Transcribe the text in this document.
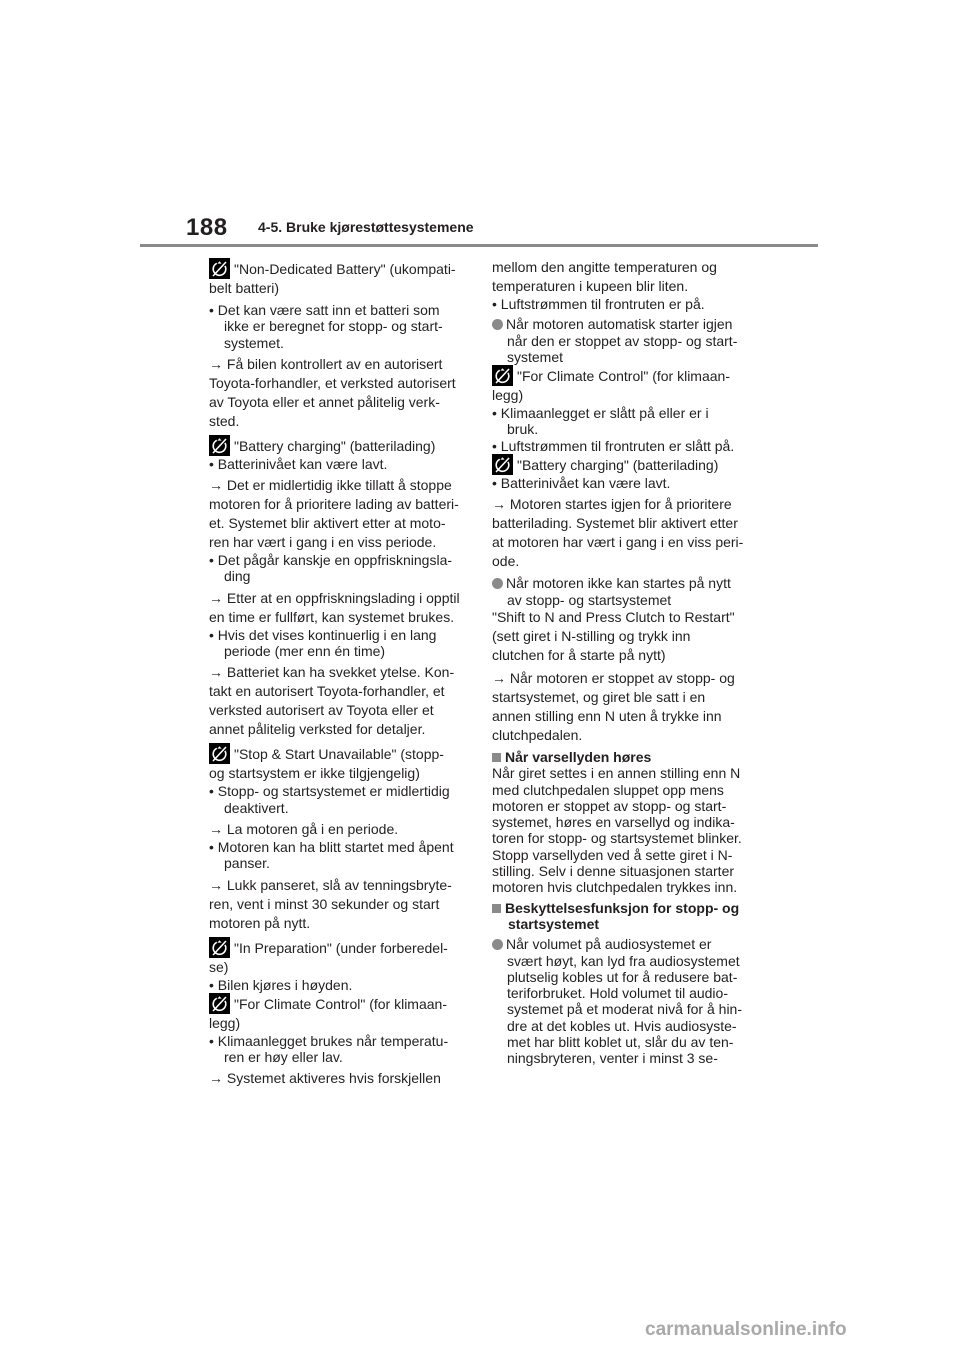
188 4-5. Bruke kjørestøttesystemene
"Non-Dedicated Battery" (ukompati-
belt batteri)
• Det kan være satt inn et batteri som
ikke er beregnet for stopp- og start-
systemet.
→ Få bilen kontrollert av en autorisert
Toyota-forhandler, et verksted autorisert
av Toyota eller et annet pålitelig verk-
sted.
"Battery charging" (batterilading)
• Batterinivået kan være lavt.
→ Det er midlertidig ikke tillatt å stoppe
motoren for å prioritere lading av batteri-
et. Systemet blir aktivert etter at moto-
ren har vært i gang i en viss periode.
• Det pågår kanskje en oppfriskningsla-
ding
→ Etter at en oppfriskningslading i opptil
en time er fullført, kan systemet brukes.
• Hvis det vises kontinuerlig i en lang
periode (mer enn én time)
→ Batteriet kan ha svekket ytelse. Kon-
takt en autorisert Toyota-forhandler, et
verksted autorisert av Toyota eller et
annet pålitelig verksted for detaljer.
"Stop & Start Unavailable" (stopp-
og startsystem er ikke tilgjengelig)
• Stopp- og startsystemet er midlertidig
deaktivert.
→ La motoren gå i en periode.
• Motoren kan ha blitt startet med åpent
panser.
→ Lukk panseret, slå av tenningsbryte-
ren, vent i minst 30 sekunder og start
motoren på nytt.
"In Preparation" (under forberedel-
se)
• Bilen kjøres i høyden.
"For Climate Control" (for klimaan-
legg)
• Klimaanlegget brukes når temperatu-
ren er høy eller lav.
→ Systemet aktiveres hvis forskjellen
mellom den angitte temperaturen og
temperaturen i kupeen blir liten.
• Luftstrømmen til frontruten er på.
Når motoren automatisk starter igjen
når den er stoppet av stopp- og start-
systemet
"For Climate Control" (for klimaan-
legg)
• Klimaanlegget er slått på eller er i
bruk.
• Luftstrømmen til frontruten er slått på.
"Battery charging" (batterilading)
• Batterinivået kan være lavt.
→ Motoren startes igjen for å prioritere
batterilading. Systemet blir aktivert etter
at motoren har vært i gang i en viss peri-
ode.
Når motoren ikke kan startes på nytt
av stopp- og startsystemet
"Shift to N and Press Clutch to Restart"
(sett giret i N-stilling og trykk inn
clutchen for å starte på nytt)
→ Når motoren er stoppet av stopp- og
startsystemet, og giret ble satt i en
annen stilling enn N uten å trykke inn
clutchpedalen.
Når varsellyden høres
Når giret settes i en annen stilling enn N
med clutchpedalen sluppet opp mens
motoren er stoppet av stopp- og start-
systemet, høres en varsellyd og indika-
toren for stopp- og startsystemet blinker.
Stopp varsellyden ved å sette giret i N-
stilling. Selv i denne situasjonen starter
motoren hvis clutchpedalen trykkes inn.
Beskyttelsesfunksjon for stopp- og
startsystemet
Når volumet på audiosystemet er
svært høyt, kan lyd fra audiosystemet
plutselig kobles ut for å redusere bat-
teriforbruket. Hold volumet til audio-
systemet på et moderat nivå for å hin-
dre at det kobles ut. Hvis audiosyste-
met har blitt koblet ut, slår du av ten-
ningsbryteren, venter i minst 3 se-
carmanualsonline.info
